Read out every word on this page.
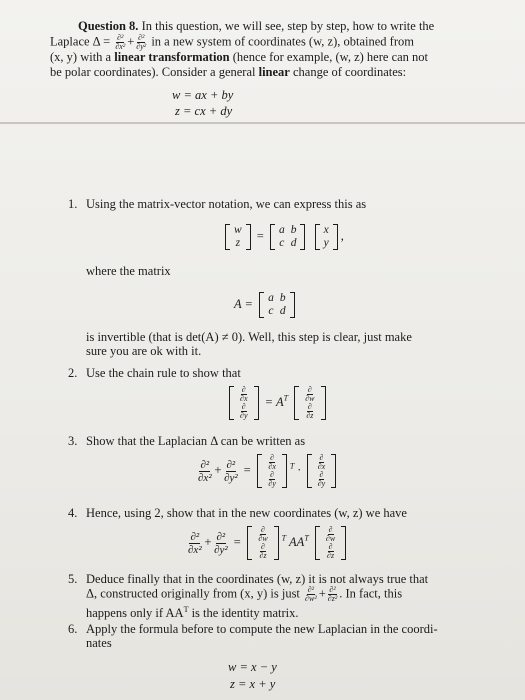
Question 8. In this question, we will see, step by step, how to write the
Laplace $\Delta = \frac{\text{∂²}}{\text{∂x²}} + \frac{\text{∂²}}{\text{∂y²}}$ in a new system of coordinates (w, z), obtained from
(x, y) with a linear transformation (hence for example, (w, z) here can not
be polar coordinates). Consider a general linear change of coordinates:
w = ax + by
z = cx + dy
1. Using the matrix-vector notation, we can express this as
w
z
= a	b
c	d

x
y
,
where the matrix
A = a	b
c	d
is invertible (that is det(A) ≠ 0). Well, this step is clear, just make
sure you are ok with it.
2. Use the chain rule to show that
$\frac{\partial}{\partial x}$

$\frac{\partial}{\partial y}$
= $A^T \frac{\partial}{\partial w}$

$\frac{\partial}{\partial z}$
3. Show that the Laplacian Δ can be written as
$\frac{\text{∂²}}{\text{∂x²}} + \frac{\text{∂²}}{\text{∂y²}} = \frac{\partial}{\partial x}$

$\frac{\partial}{\partial y}$
$^T \cdot \frac{\partial}{\partial x}$

$\frac{\partial}{\partial y}$
4. Hence, using 2, show that in the new coordinates (w, z) we have
$\frac{\text{∂²}}{\text{∂x²}} + \frac{\text{∂²}}{\text{∂y²}} = \frac{\partial}{\partial w}$

$\frac{\partial}{\partial z}$
$^T$ $AA^T \frac{\partial}{\partial w}$

$\frac{\partial}{\partial z}$
5. Deduce finally that in the coordinates (w, z) it is not always true that
Δ, constructed originally from (x, y) is just $\frac{\text{∂²}}{\text{∂w²}} + \frac{\text{∂²}}{\text{∂z²}}$ . In fact, this
happens only if $AA^T$ is the identity matrix.
6. Apply the formula before to compute the new Laplacian in the coordi-
nates
w = x − y
z = x + y
